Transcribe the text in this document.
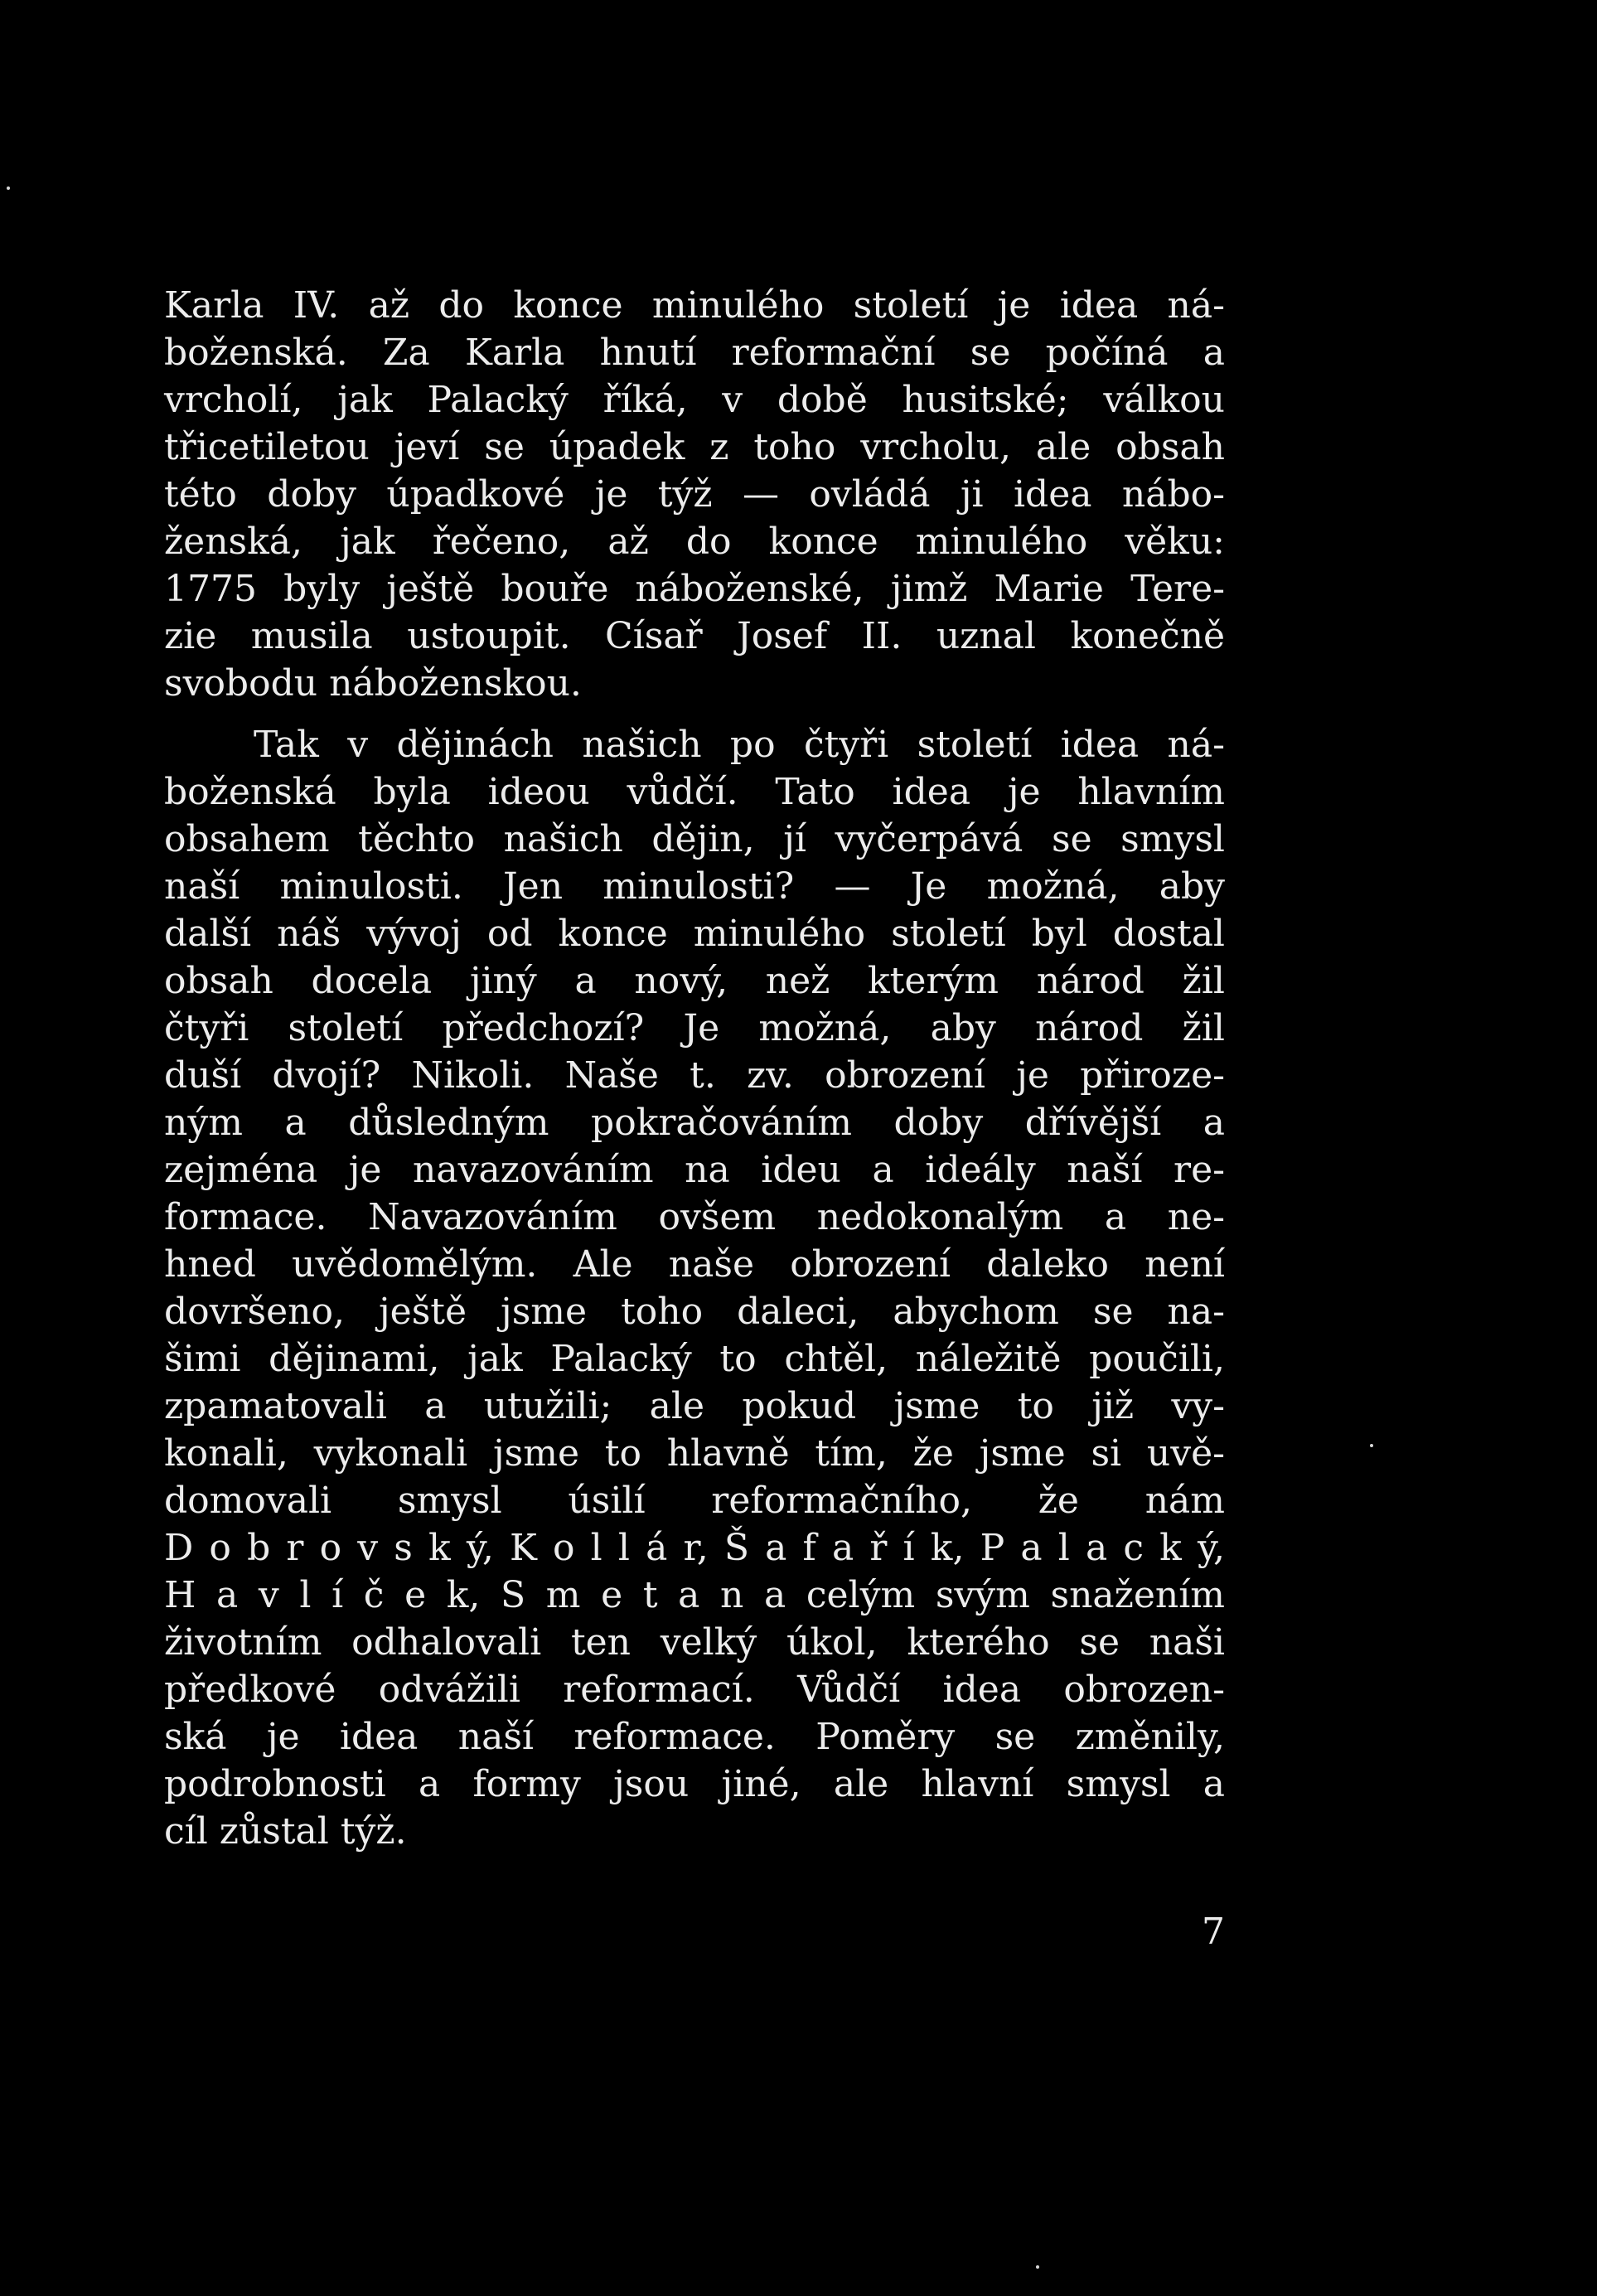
Karla IV. až do konce minulého století je idea ná-
boženská. Za Karla hnutí reformační se počíná a
vrcholí, jak Palacký říká, v době husitské; válkou
třicetiletou jeví se úpadek z toho vrcholu, ale obsah
této doby úpadkové je týž — ovládá ji idea nábo-
ženská, jak řečeno, až do konce minulého věku:
1775 byly ještě bouře náboženské, jimž Marie Tere-
zie musila ustoupit. Císař Josef II. uznal konečně
svobodu náboženskou.
Tak v dějinách našich po čtyři století idea ná-
boženská byla ideou vůdčí. Tato idea je hlavním
obsahem těchto našich dějin, jí vyčerpává se smysl
naší minulosti. Jen minulosti? — Je možná, aby
další náš vývoj od konce minulého století byl dostal
obsah docela jiný a nový, než kterým národ žil
čtyři století předchozí? Je možná, aby národ žil
duší dvojí? Nikoli. Naše t. zv. obrození je přiroze-
ným a důsledným pokračováním doby dřívější a
zejména je navazováním na ideu a ideály naší re-
formace. Navazováním ovšem nedokonalým a ne-
hned uvědomělým. Ale naše obrození daleko není
dovršeno, ještě jsme toho daleci, abychom se na-
šimi dějinami, jak Palacký to chtěl, náležitě poučili,
zpamatovali a utužili; ale pokud jsme to již vy-
konali, vykonali jsme to hlavně tím, že jsme si uvě-
domovali smysl úsilí reformačního, že nám
D o b r o v s k ý, K o l l á r, Š a f a ř í k, P a l a c k ý,
H a v l í č e k, S m e t a n a celým svým snažením
životním odhalovali ten velký úkol, kterého se naši
předkové odvážili reformací. Vůdčí idea obrozen-
ská je idea naší reformace. Poměry se změnily,
podrobnosti a formy jsou jiné, ale hlavní smysl a
cíl zůstal týž.
7
